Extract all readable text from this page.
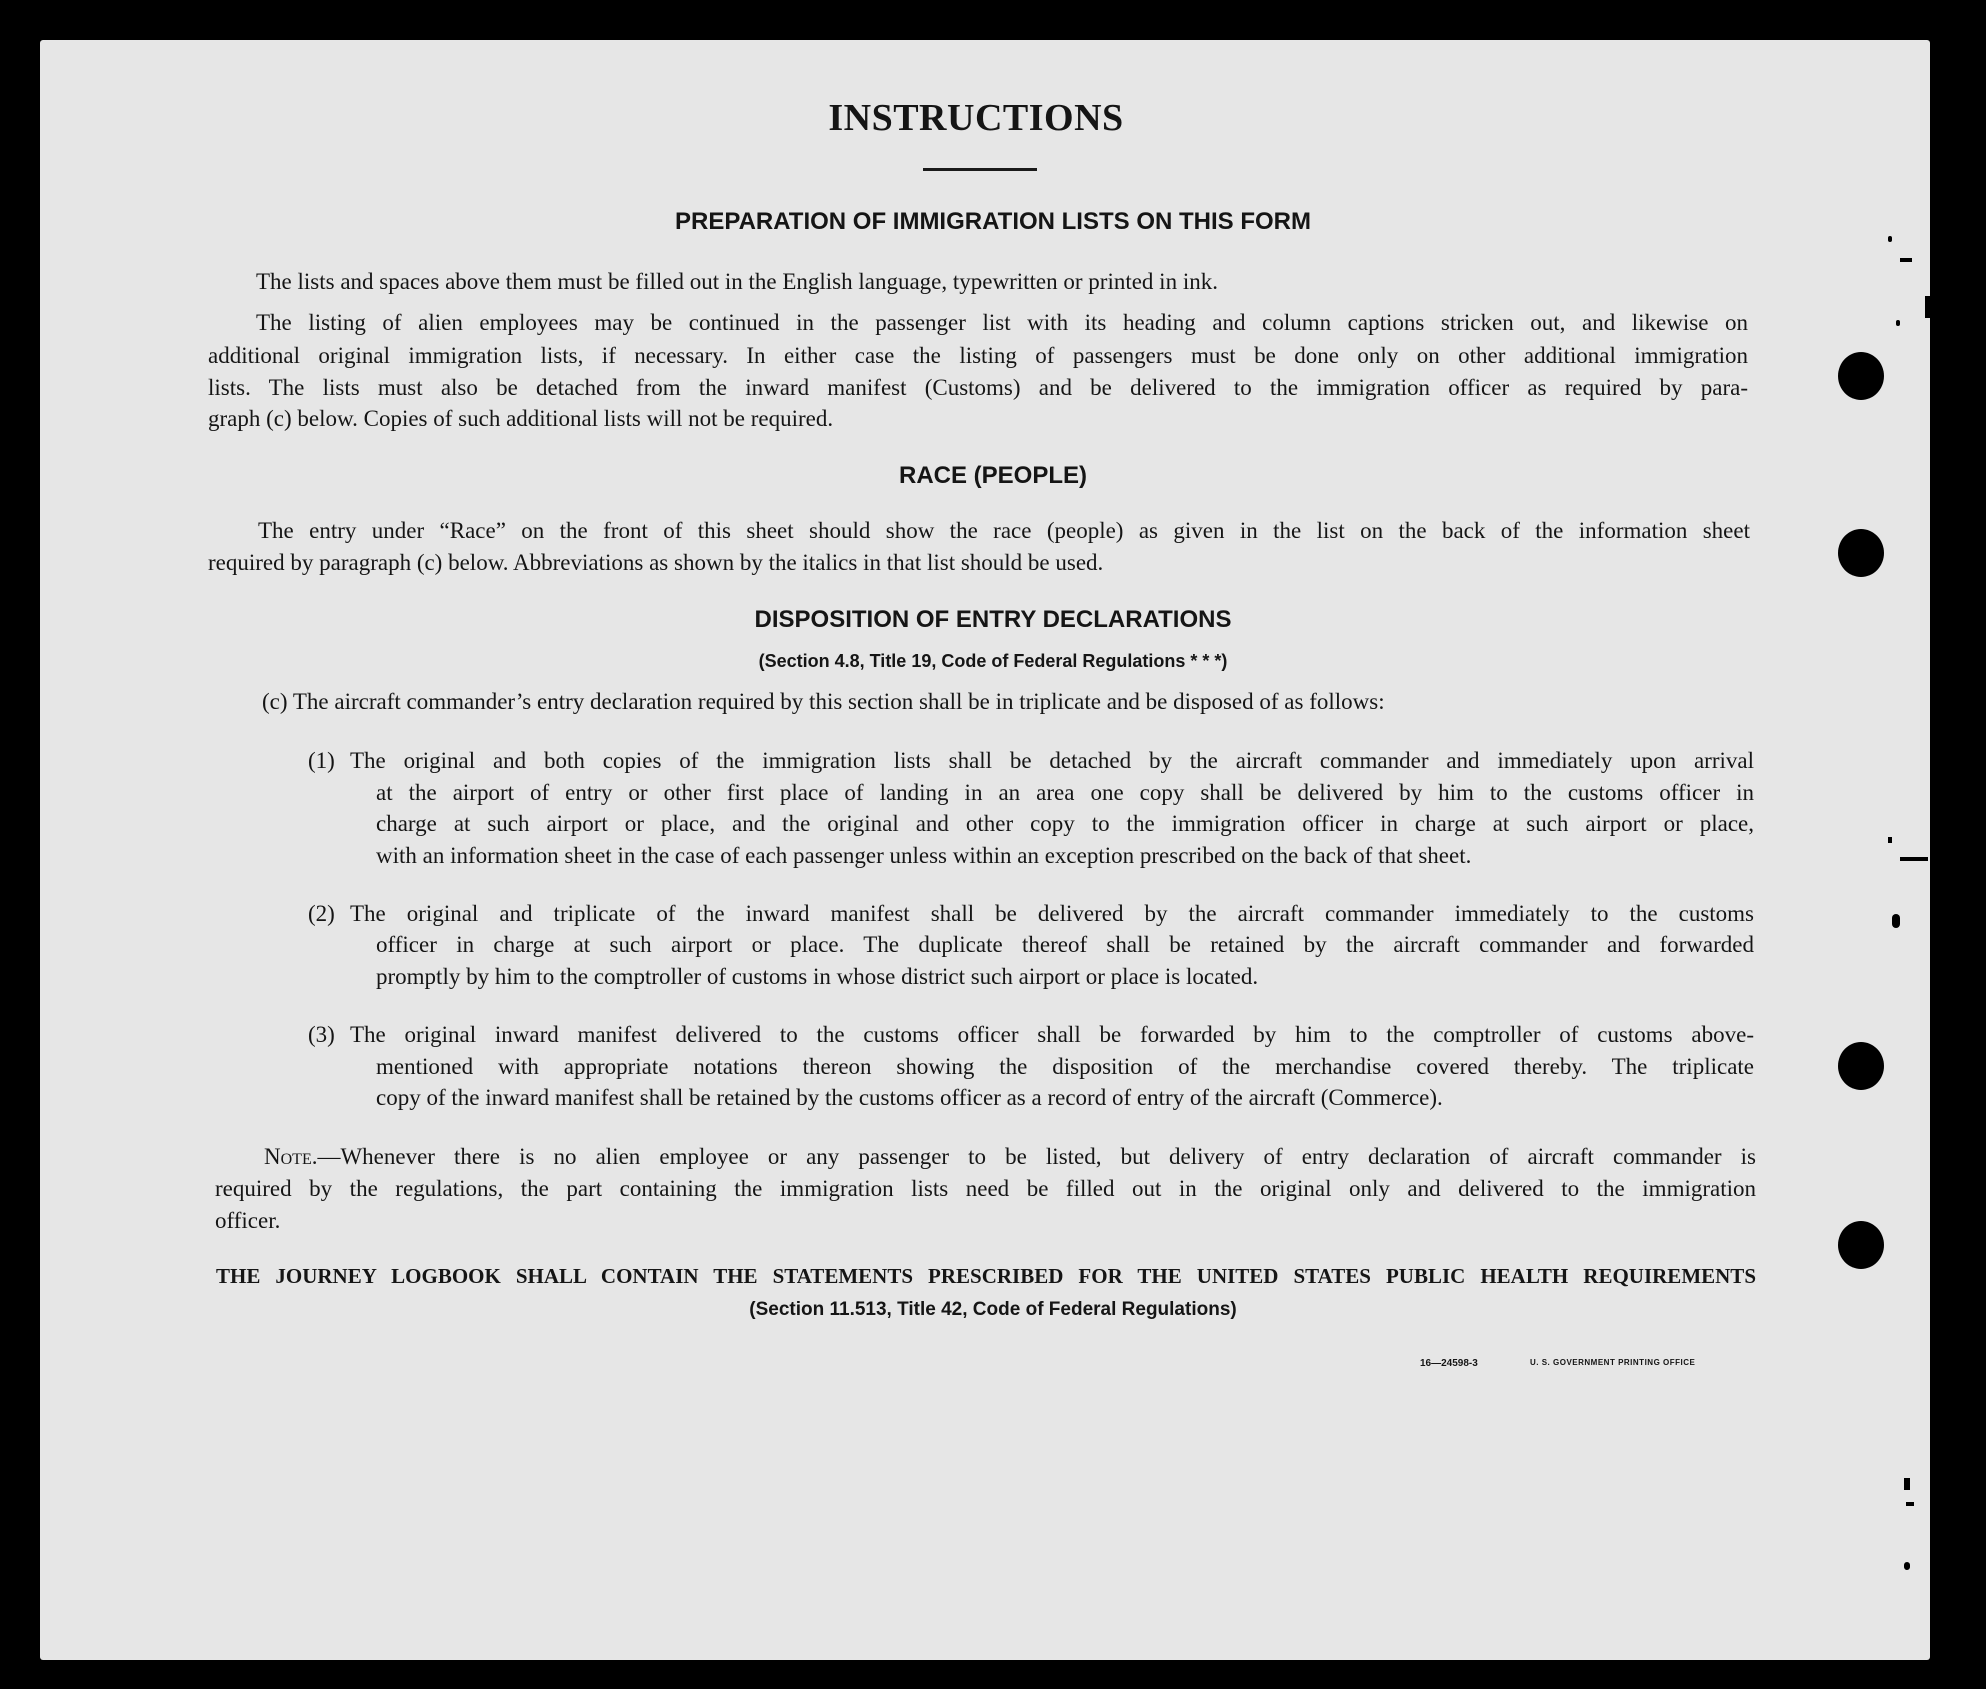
INSTRUCTIONS
PREPARATION OF IMMIGRATION LISTS ON THIS FORM
The lists and spaces above them must be filled out in the English language, typewritten or printed in ink.
The listing of alien employees may be continued in the passenger list with its heading and column captions stricken out, and likewise on
additional original immigration lists, if necessary. In either case the listing of passengers must be done only on other additional immigration
lists. The lists must also be detached from the inward manifest (Customs) and be delivered to the immigration officer as required by para-
graph (c) below. Copies of such additional lists will not be required.
RACE (PEOPLE)
The entry under “Race” on the front of this sheet should show the race (people) as given in the list on the back of the information sheet
required by paragraph (c) below. Abbreviations as shown by the italics in that list should be used.
DISPOSITION OF ENTRY DECLARATIONS
(Section 4.8, Title 19, Code of Federal Regulations * * *)
(c) The aircraft commander’s entry declaration required by this section shall be in triplicate and be disposed of as follows:
(1) The original and both copies of the immigration lists shall be detached by the aircraft commander and immediately upon arrival
at the airport of entry or other first place of landing in an area one copy shall be delivered by him to the customs officer in
charge at such airport or place, and the original and other copy to the immigration officer in charge at such airport or place,
with an information sheet in the case of each passenger unless within an exception prescribed on the back of that sheet.
(2) The original and triplicate of the inward manifest shall be delivered by the aircraft commander immediately to the customs
officer in charge at such airport or place. The duplicate thereof shall be retained by the aircraft commander and forwarded
promptly by him to the comptroller of customs in whose district such airport or place is located.
(3) The original inward manifest delivered to the customs officer shall be forwarded by him to the comptroller of customs above-
mentioned with appropriate notations thereon showing the disposition of the merchandise covered thereby. The triplicate
copy of the inward manifest shall be retained by the customs officer as a record of entry of the aircraft (Commerce).
Note.—Whenever there is no alien employee or any passenger to be listed, but delivery of entry declaration of aircraft commander is
required by the regulations, the part containing the immigration lists need be filled out in the original only and delivered to the immigration
officer.
THE JOURNEY LOGBOOK SHALL CONTAIN THE STATEMENTS PRESCRIBED FOR THE UNITED STATES PUBLIC HEALTH REQUIREMENTS
(Section 11.513, Title 42, Code of Federal Regulations)
16—24598-3	U. S. GOVERNMENT PRINTING OFFICE
